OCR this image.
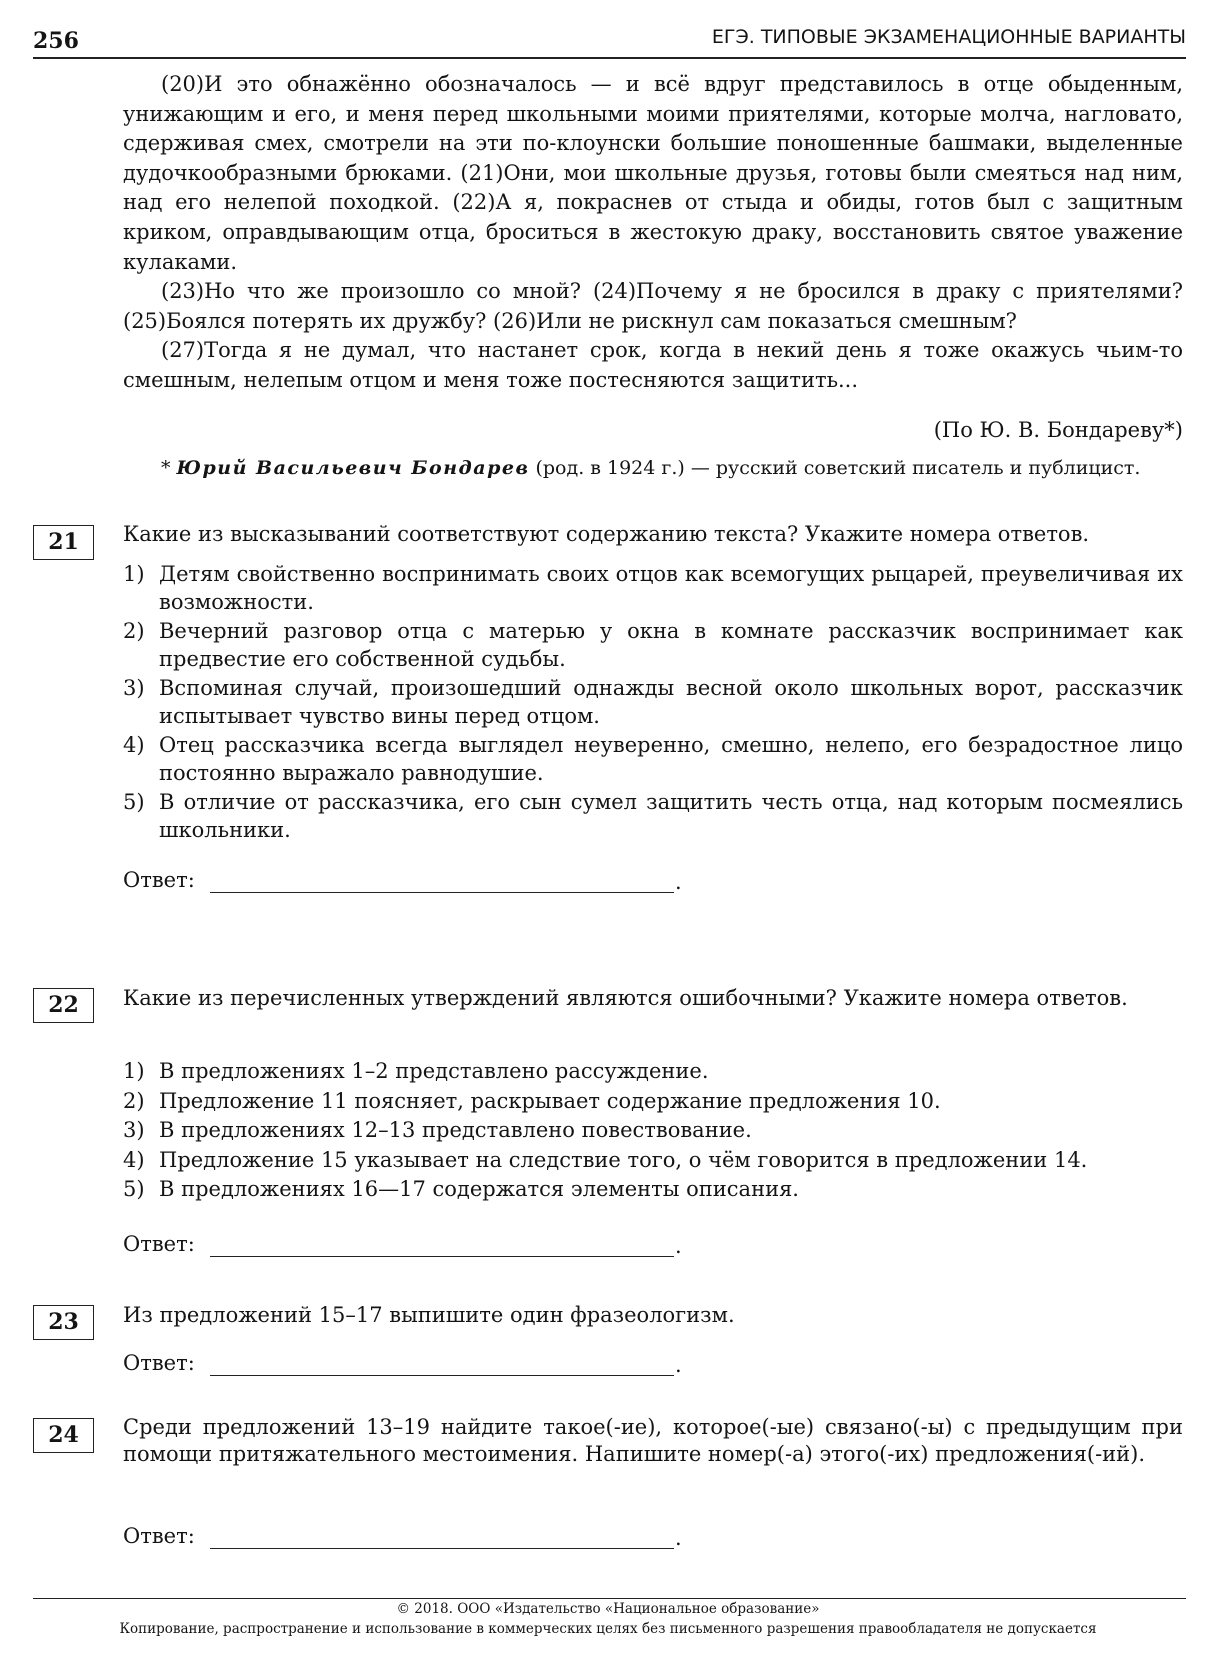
256	ЕГЭ. ТИПОВЫЕ ЭКЗАМЕНАЦИОННЫЕ ВАРИАНТЫ

(20)И это обнажённо обозначалось — и всё вдруг представилось в отце обыденным, унижающим и его, и меня перед школьными моими приятелями, которые молча, нагловато, сдерживая смех, смотрели на эти по-клоунски большие поношенные башмаки, выделенные дудочкообразными брюками. (21)Они, мои школьные друзья, готовы были смеяться над ним, над его нелепой походкой. (22)А я, покраснев от стыда и обиды, готов был с защитным криком, оправдывающим отца, броситься в жестокую драку, восстановить святое уважение кулаками.

(23)Но что же произошло со мной? (24)Почему я не бросился в драку с приятелями? (25)Боялся потерять их дружбу? (26)Или не рискнул сам показаться смешным?

(27)Тогда я не думал, что настанет срок, когда в некий день я тоже окажусь чьим-то смешным, нелепым отцом и меня тоже постесняются защитить...

(По Ю. В. Бондареву*)
* Юрий Васильевич Бондарев (род. в 1924 г.) — русский советский писатель и публицист.
21	Какие из высказываний соответствуют содержанию текста? Укажите номера ответов.
1) Детям свойственно воспринимать своих отцов как всемогущих рыцарей, преувеличивая их возможности.
2) Вечерний разговор отца с матерью у окна в комнате рассказчик воспринимает как предвестие его собственной судьбы.
3) Вспоминая случай, произошедший однажды весной около школьных ворот, рассказчик испытывает чувство вины перед отцом.
4) Отец рассказчика всегда выглядел неуверенно, смешно, нелепо, его безрадостное лицо постоянно выражало равнодушие.
5) В отличие от рассказчика, его сын сумел защитить честь отца, над которым посмеялись школьники.
Ответ:	.
22	Какие из перечисленных утверждений являются ошибочными? Укажите номера ответов.
1) В предложениях 1–2 представлено рассуждение.
2) Предложение 11 поясняет, раскрывает содержание предложения 10.
3) В предложениях 12–13 представлено повествование.
4) Предложение 15 указывает на следствие того, о чём говорится в предложении 14.
5) В предложениях 16—17 содержатся элементы описания.
Ответ:	.
23	Из предложений 15–17 выпишите один фразеологизм.
Ответ:	.
24	Среди предложений 13–19 найдите такое(-ие), которое(-ые) связано(-ы) с предыдущим при помощи притяжательного местоимения. Напишите номер(-а) этого(-их) предложения(-ий).
Ответ:	.
© 2018. ООО «Издательство «Национальное образование»
Копирование, распространение и использование в коммерческих целях без письменного разрешения правообладателя не допускается
